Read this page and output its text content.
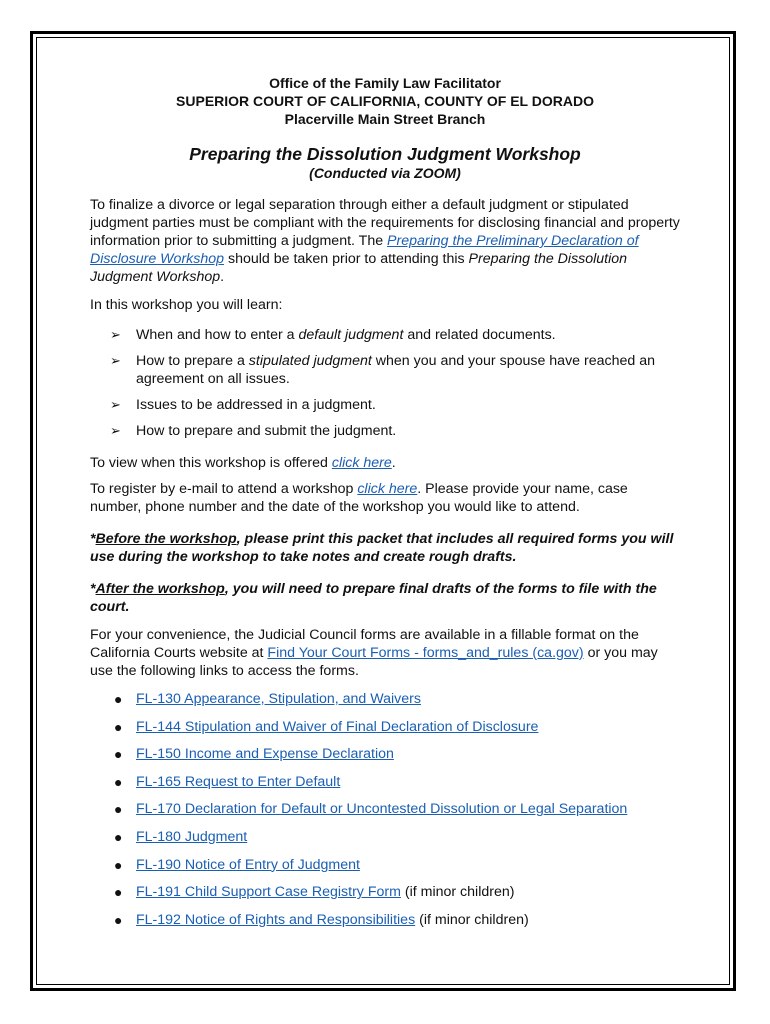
Office of the Family Law Facilitator
SUPERIOR COURT OF CALIFORNIA, COUNTY OF EL DORADO
Placerville Main Street Branch
Preparing the Dissolution Judgment Workshop
(Conducted via ZOOM)

To finalize a divorce or legal separation through either a default judgment or stipulated judgment parties must be compliant with the requirements for disclosing financial and property information prior to submitting a judgment. The Preparing the Preliminary Declaration of Disclosure Workshop should be taken prior to attending this Preparing the Dissolution Judgment Workshop.

In this workshop you will learn:

➢ When and how to enter a default judgment and related documents.
➢ How to prepare a stipulated judgment when you and your spouse have reached an agreement on all issues.
➢ Issues to be addressed in a judgment.
➢ How to prepare and submit the judgment.

To view when this workshop is offered click here.

To register by e-mail to attend a workshop click here. Please provide your name, case number, phone number and the date of the workshop you would like to attend.

*Before the workshop, please print this packet that includes all required forms you will use during the workshop to take notes and create rough drafts.

*After the workshop, you will need to prepare final drafts of the forms to file with the court.

For your convenience, the Judicial Council forms are available in a fillable format on the California Courts website at Find Your Court Forms - forms_and_rules (ca.gov) or you may use the following links to access the forms.

● FL-130 Appearance, Stipulation, and Waivers
● FL-144 Stipulation and Waiver of Final Declaration of Disclosure
● FL-150 Income and Expense Declaration
● FL-165 Request to Enter Default
● FL-170 Declaration for Default or Uncontested Dissolution or Legal Separation
● FL-180 Judgment
● FL-190 Notice of Entry of Judgment
● FL-191 Child Support Case Registry Form (if minor children)
● FL-192 Notice of Rights and Responsibilities (if minor children)
